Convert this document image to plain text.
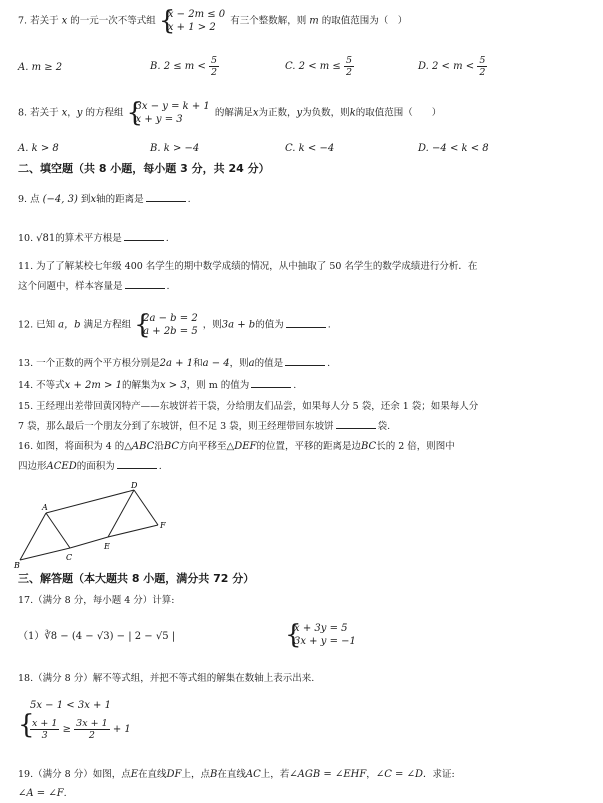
7. 若关于 x 的一元一次不等式组
{ x − 2m ≤ 0
x + 1 > 2
有三个整数解，则 m 的取值范围为（　）
A. m ≥ 2	B. $2 \le m < \frac{5}{2}$	C. $2 < m \le \frac{5}{2}$	D. $2 < m < \frac{5}{2}$
8. 若关于 x，y 的方程组
{ 3x − y = k + 1
x + y = 3
的解满足x为正数，y为负数，则k的取值范围（　　）
A. k > 8	B. k > −4	C. k < −4	D. −4 < k < 8
二、填空题（共 8 小题，每小题 3 分，共 24 分）
9. 点 (−4, 3) 到x轴的距离是	.
10. √81的算术平方根是	.
11. 为了了解某校七年级 400 名学生的期中数学成绩的情况，从中抽取了 50 名学生的数学成绩进行分析．在
这个问题中，样本容量是	.
12. 已知 a，b 满足方程组
{ 2a − b = 2
a + 2b = 5
，则3a + b的值为	.
13. 一个正数的两个平方根分别是2a + 1和a − 4，则a的值是	.
14. 不等式x + 2m > 1的解集为x > 3，则 m 的值为	.
15. 王经理出差带回黄冈特产——东坡饼若干袋，分给朋友们品尝，如果每人分 5 袋，还余 1 袋；如果每人分
7 袋，那么最后一个朋友分到了东坡饼，但不足 3 袋，则王经理带回东坡饼	袋.
16. 如图，将面积为 4 的△ABC沿BC方向平移至△DEF的位置，平移的距离是边BC长的 2 倍，则图中
四边形ACED的面积为	.
A
B
C
D
E
F
三、解答题（本大题共 8 小题，满分共 72 分）
17.（满分 8 分，每小题 4 分）计算:
（1）∛8 − (4 − √3) − | 2 − √5 |
{ x + 3y = 5
3x + y = −1
18.（满分 8 分）解不等式组，并把不等式组的解集在数轴上表示出来.
{
5x − 1 < 3x + 1
$\frac{x + 1}{3} \ge \frac{3x + 1}{2} + 1$
19.（满分 8 分）如图，点E在直线DF上，点B在直线AC上，若∠AGB = ∠EHF，∠C = ∠D．求证:
∠A = ∠F.
